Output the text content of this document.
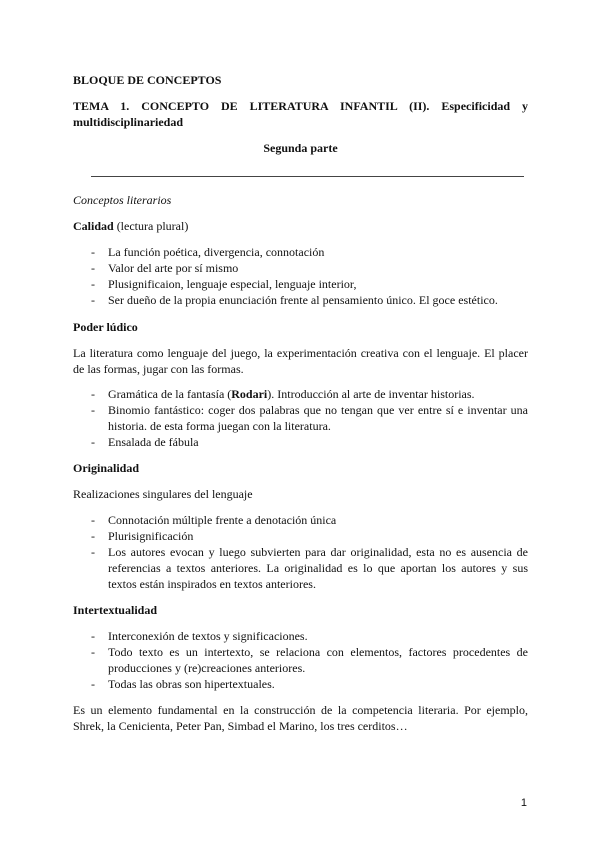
BLOQUE DE CONCEPTOS
TEMA 1. CONCEPTO DE LITERATURA INFANTIL (II). Especificidad y multidisciplinariedad
Segunda parte
Conceptos literarios
Calidad (lectura plural)
- La función poética, divergencia, connotación
- Valor del arte por sí mismo
- Plusignificaion, lenguaje especial, lenguaje interior,
- Ser dueño de la propia enunciación frente al pensamiento único. El goce estético.
Poder lúdico
La literatura como lenguaje del juego, la experimentación creativa con el lenguaje. El placer de las formas, jugar con las formas.
- Gramática de la fantasía (Rodari). Introducción al arte de inventar historias.
- Binomio fantástico: coger dos palabras que no tengan que ver entre sí e inventar una historia. de esta forma juegan con la literatura.
- Ensalada de fábula
Originalidad
Realizaciones singulares del lenguaje
- Connotación múltiple frente a denotación única
- Plurisignificación
- Los autores evocan y luego subvierten para dar originalidad, esta no es ausencia de referencias a textos anteriores. La originalidad es lo que aportan los autores y sus textos están inspirados en textos anteriores.
Intertextualidad
- Interconexión de textos y significaciones.
- Todo texto es un intertexto, se relaciona con elementos, factores procedentes de producciones y (re)creaciones anteriores.
- Todas las obras son hipertextuales.
Es un elemento fundamental en la construcción de la competencia literaria. Por ejemplo, Shrek, la Cenicienta, Peter Pan, Simbad el Marino, los tres cerditos…
1
